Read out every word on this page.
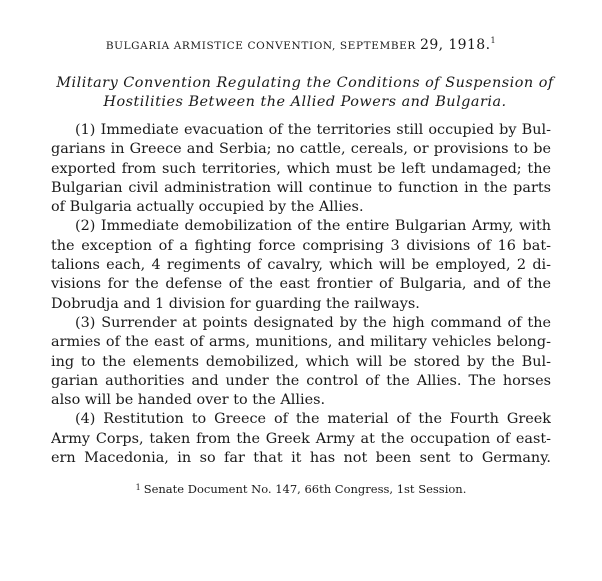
BULGARIA ARMISTICE CONVENTION, SEPTEMBER 29, 1918.$^1$
Military Convention Regulating the Conditions of Suspension of
Hostilities Between the Allied Powers and Bulgaria.
(1) Immediate evacuation of the territories still occupied by Bul-
garians in Greece and Serbia; no cattle, cereals, or provisions to be
exported from such territories, which must be left undamaged; the
Bulgarian civil administration will continue to function in the parts
of Bulgaria actually occupied by the Allies.
(2) Immediate demobilization of the entire Bulgarian Army, with
the exception of a fighting force comprising 3 divisions of 16 bat-
talions each, 4 regiments of cavalry, which will be employed, 2 di-
visions for the defense of the east frontier of Bulgaria, and of the
Dobrudja and 1 division for guarding the railways.
(3) Surrender at points designated by the high command of the
armies of the east of arms, munitions, and military vehicles belong-
ing to the elements demobilized, which will be stored by the Bul-
garian authorities and under the control of the Allies. The horses
also will be handed over to the Allies.
(4) Restitution to Greece of the material of the Fourth Greek
Army Corps, taken from the Greek Army at the occupation of east-
ern Macedonia, in so far that it has not been sent to Germany.
$^1$ Senate Document No. 147, 66th Congress, 1st Session.
